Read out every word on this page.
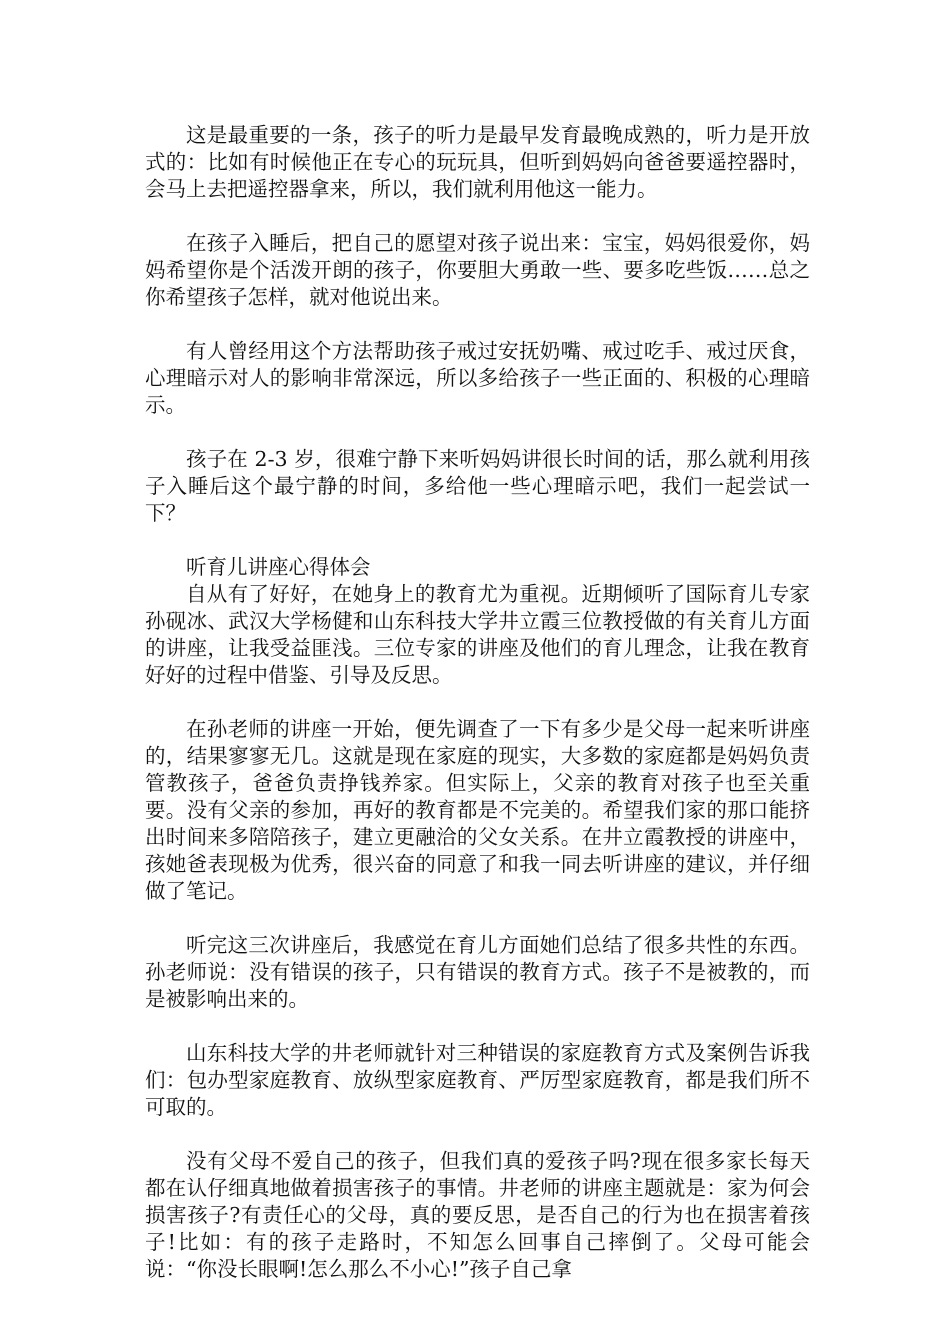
这是最重要的一条，孩子的听力是最早发育最晚成熟的，听力是开放式的：比如有时候他正在专心的玩玩具，但听到妈妈向爸爸要遥控器时，会马上去把遥控器拿来，所以，我们就利用他这一能力。

在孩子入睡后，把自己的愿望对孩子说出来：宝宝，妈妈很爱你，妈妈希望你是个活泼开朗的孩子，你要胆大勇敢一些、要多吃些饭……总之你希望孩子怎样，就对他说出来。

有人曾经用这个方法帮助孩子戒过安抚奶嘴、戒过吃手、戒过厌食，心理暗示对人的影响非常深远，所以多给孩子一些正面的、积极的心理暗示。

孩子在 2-3 岁，很难宁静下来听妈妈讲很长时间的话，那么就利用孩子入睡后这个最宁静的时间，多给他一些心理暗示吧，我们一起尝试一下？

听育儿讲座心得体会

自从有了好好，在她身上的教育尤为重视。近期倾听了国际育儿专家孙砚冰、武汉大学杨健和山东科技大学井立霞三位教授做的有关育儿方面的讲座，让我受益匪浅。三位专家的讲座及他们的育儿理念，让我在教育好好的过程中借鉴、引导及反思。

在孙老师的讲座一开始，便先调查了一下有多少是父母一起来听讲座的，结果寥寥无几。这就是现在家庭的现实，大多数的家庭都是妈妈负责管教孩子，爸爸负责挣钱养家。但实际上，父亲的教育对孩子也至关重要。没有父亲的参加，再好的教育都是不完美的。希望我们家的那口能挤出时间来多陪陪孩子，建立更融洽的父女关系。在井立霞教授的讲座中，孩她爸表现极为优秀，很兴奋的同意了和我一同去听讲座的建议，并仔细做了笔记。

听完这三次讲座后，我感觉在育儿方面她们总结了很多共性的东西。孙老师说：没有错误的孩子，只有错误的教育方式。孩子不是被教的，而是被影响出来的。

山东科技大学的井老师就针对三种错误的家庭教育方式及案例告诉我们：包办型家庭教育、放纵型家庭教育、严厉型家庭教育，都是我们所不可取的。

没有父母不爱自己的孩子，但我们真的爱孩子吗?现在很多家长每天都在认仔细真地做着损害孩子的事情。井老师的讲座主题就是：家为何会损害孩子?有责任心的父母，真的要反思，是否自己的行为也在损害着孩子!比如：有的孩子走路时，不知怎么回事自己摔倒了。父母可能会说：“你没长眼啊!怎么那么不小心!”孩子自己拿
